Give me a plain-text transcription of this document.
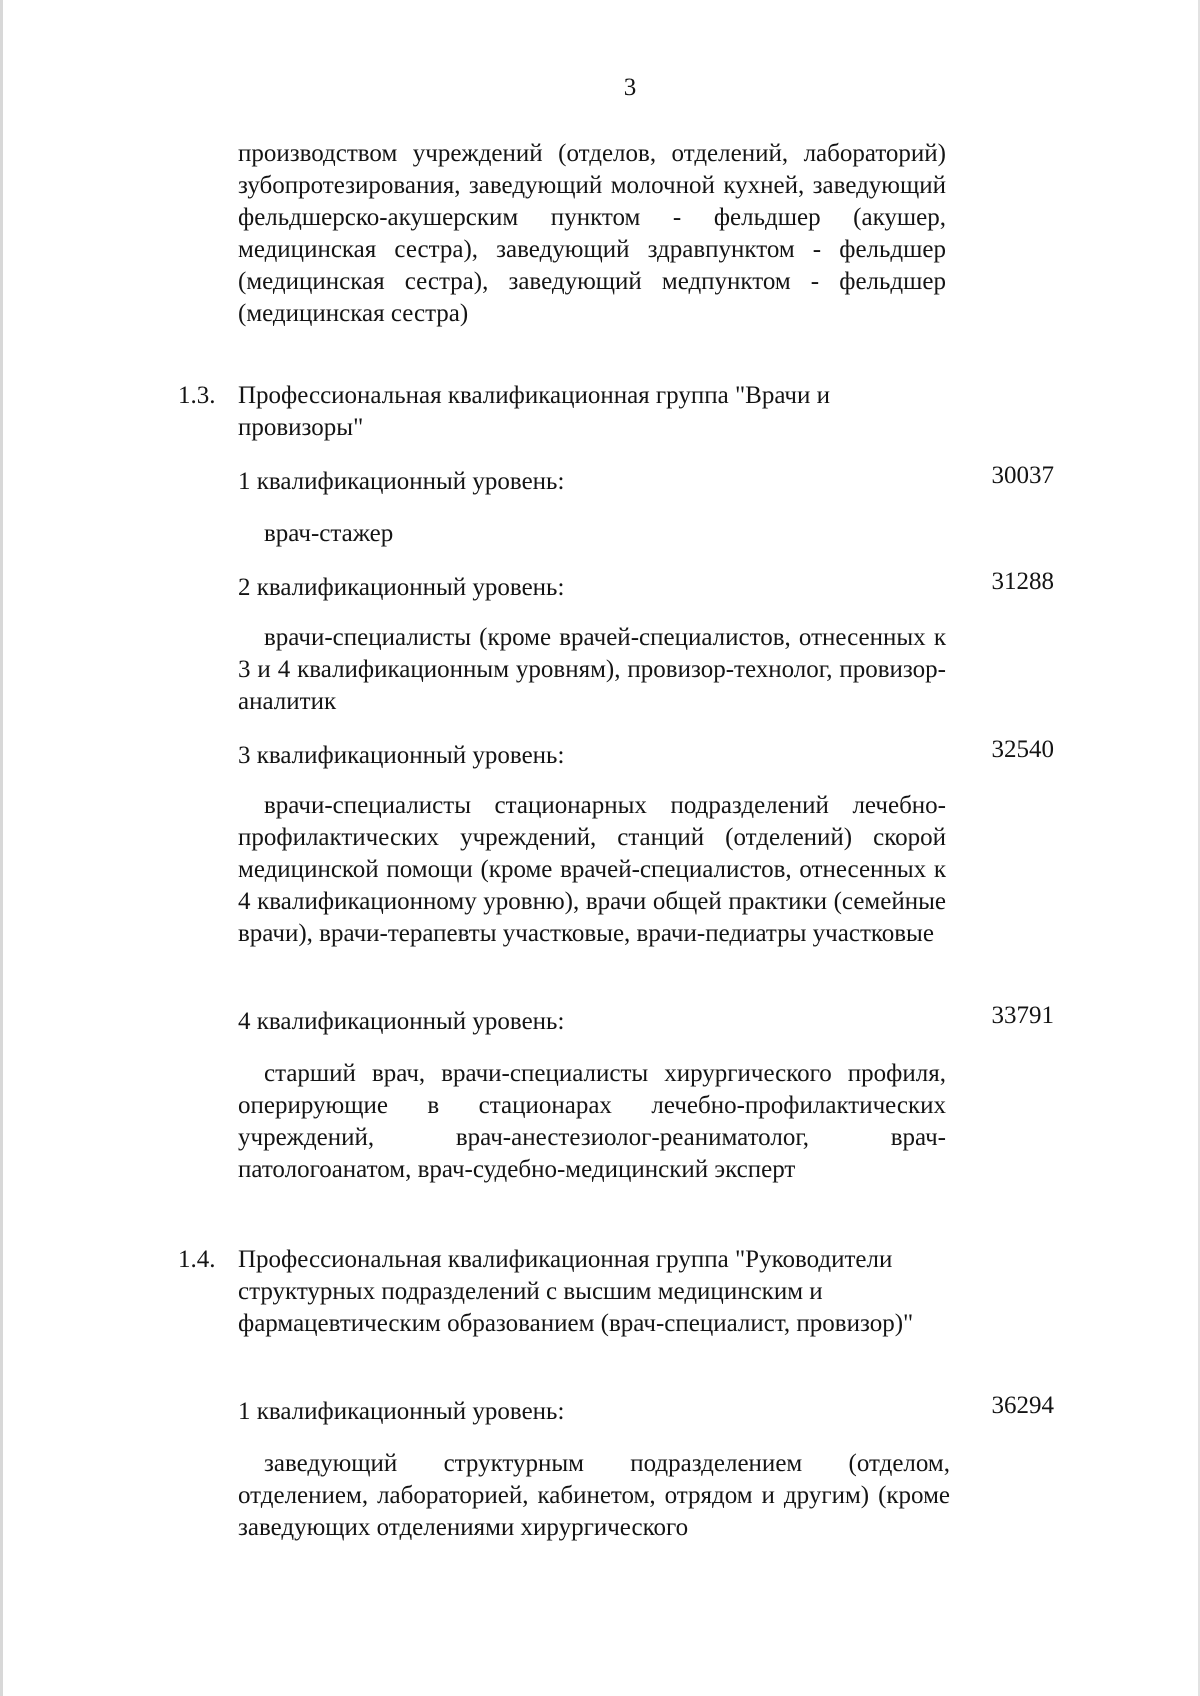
3

производством учреждений (отделов, отделений, лабораторий) зубопротезирования, заведующий молочной кухней, заведующий фельдшерско-акушерским пунктом - фельдшер (акушер, медицинская сестра), заведующий здравпунктом - фельдшер (медицинская сестра), заведующий медпунктом - фельдшер (медицинская сестра)

1.3. Профессиональная квалификационная группа "Врачи и провизоры"

1 квалификационный уровень:	30037

врач-стажер

2 квалификационный уровень:	31288

врачи-специалисты (кроме врачей-специалистов, отнесенных к 3 и 4 квалификационным уровням), провизор-технолог, провизор-аналитик

3 квалификационный уровень:	32540

врачи-специалисты стационарных подразделений лечебно-профилактических учреждений, станций (отделений) скорой медицинской помощи (кроме врачей-специалистов, отнесенных к 4 квалификационному уровню), врачи общей практики (семейные врачи), врачи-терапевты участковые, врачи-педиатры участковые

4 квалификационный уровень:	33791

старший врач, врачи-специалисты хирургического профиля, оперирующие в стационарах лечебно-профилактических учреждений, врач-анестезиолог-реаниматолог, врач-патологоанатом, врач-судебно-медицинский эксперт

1.4. Профессиональная квалификационная группа "Руководители структурных подразделений с высшим медицинским и фармацевтическим образованием (врач-специалист, провизор)"

1 квалификационный уровень:	36294

заведующий структурным подразделением (отделом, отделением, лабораторией, кабинетом, отрядом и другим) (кроме заведующих отделениями хирургического
